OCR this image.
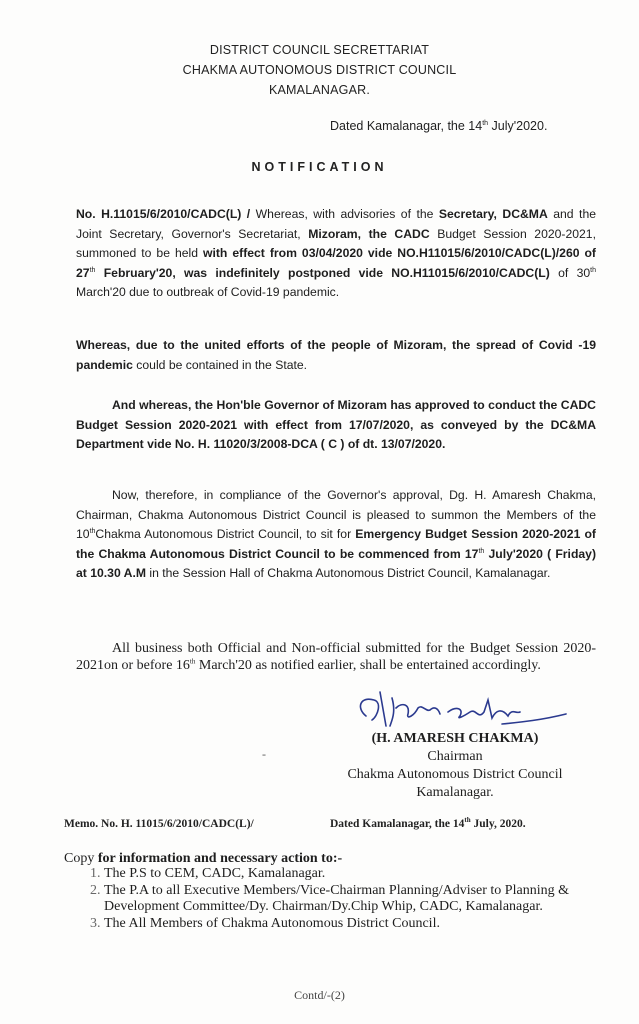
DISTRICT COUNCIL SECRETTARIAT
CHAKMA AUTONOMOUS DISTRICT COUNCIL
KAMALANAGAR.
Dated Kamalanagar, the 14th July'2020.
NOTIFICATION
No. H.11015/6/2010/CADC(L) / Whereas, with advisories of the Secretary, DC&MA and the Joint Secretary, Governor's Secretariat, Mizoram, the CADC Budget Session 2020-2021, summoned to be held with effect from 03/04/2020 vide NO.H11015/6/2010/CADC(L)/260 of 27th February'20, was indefinitely postponed vide NO.H11015/6/2010/CADC(L) of 30th March'20 due to outbreak of Covid-19 pandemic.
Whereas, due to the united efforts of the people of Mizoram, the spread of Covid -19 pandemic could be contained in the State.
And whereas, the Hon'ble Governor of Mizoram has approved to conduct the CADC Budget Session 2020-2021 with effect from 17/07/2020, as conveyed by the DC&MA Department vide No. H. 11020/3/2008-DCA ( C ) of dt. 13/07/2020.
Now, therefore, in compliance of the Governor's approval, Dg. H. Amaresh Chakma, Chairman, Chakma Autonomous District Council is pleased to summon the Members of the 10thChakma Autonomous District Council, to sit for Emergency Budget Session 2020-2021 of the Chakma Autonomous District Council to be commenced from 17th July'2020 ( Friday) at 10.30 A.M in the Session Hall of Chakma Autonomous District Council, Kamalanagar.
All business both Official and Non-official submitted for the Budget Session 2020-2021on or before 16th March'20 as notified earlier, shall be entertained accordingly.
-
(H. AMARESH CHAKMA)
Chairman
Chakma Autonomous District Council
Kamalanagar.
Memo. No. H. 11015/6/2010/CADC(L)/	Dated Kamalanagar, the 14th July, 2020.
Copy for information and necessary action to:-
1. The P.S to CEM, CADC, Kamalanagar.
2. The P.A to all Executive Members/Vice-Chairman Planning/Adviser to Planning & Development Committee/Dy. Chairman/Dy.Chip Whip, CADC, Kamalanagar.
3. The All Members of Chakma Autonomous District Council.
Contd/-(2)
